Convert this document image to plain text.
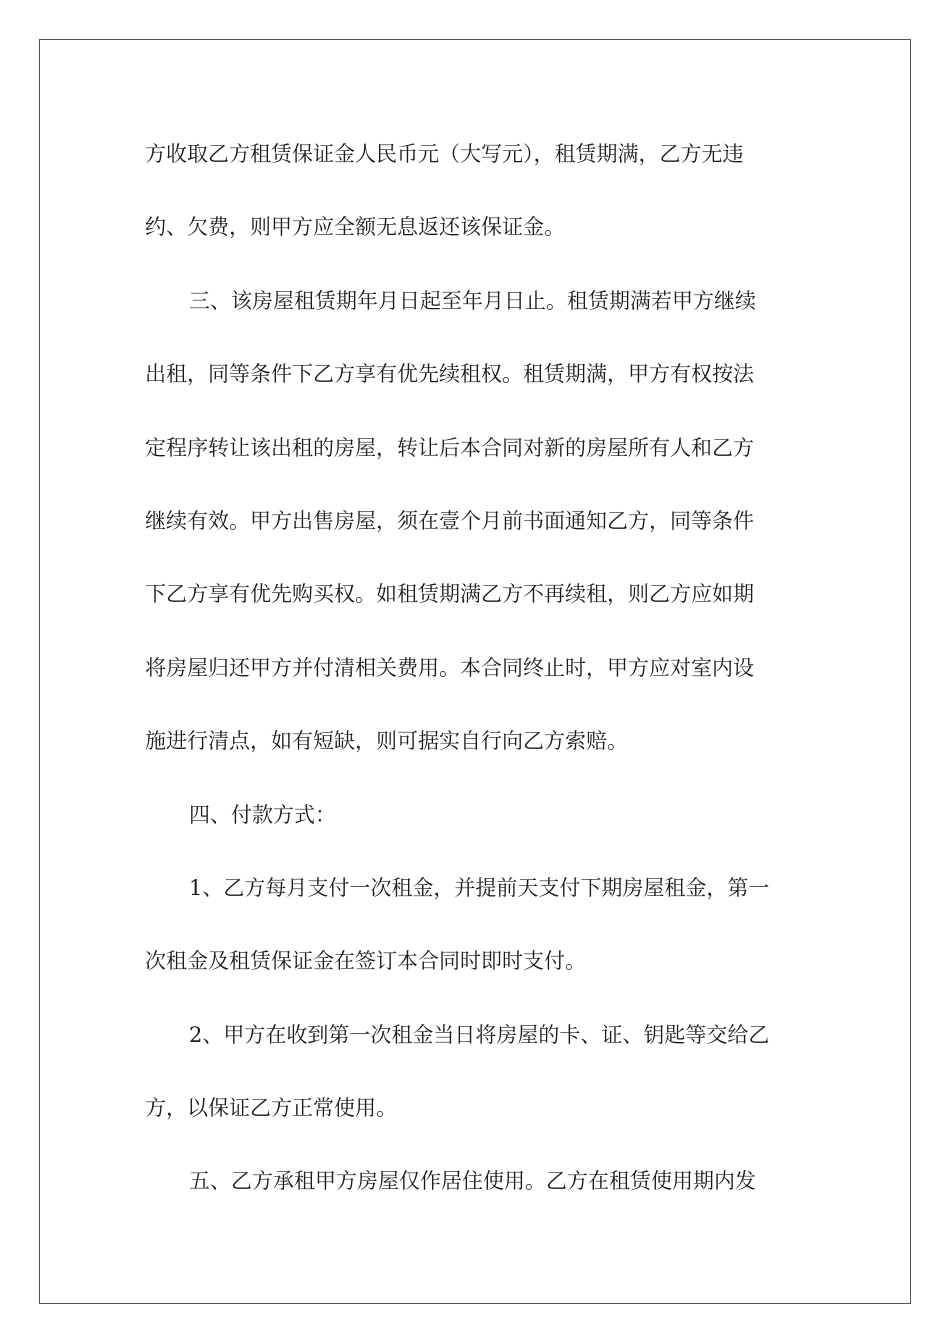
方收取乙方租赁保证金人民币元（大写元），租赁期满，乙方无违
约、欠费，则甲方应全额无息返还该保证金。
三、该房屋租赁期年月日起至年月日止。租赁期满若甲方继续
出租，同等条件下乙方享有优先续租权。租赁期满，甲方有权按法
定程序转让该出租的房屋，转让后本合同对新的房屋所有人和乙方
继续有效。甲方出售房屋，须在壹个月前书面通知乙方，同等条件
下乙方享有优先购买权。如租赁期满乙方不再续租，则乙方应如期
将房屋归还甲方并付清相关费用。本合同终止时，甲方应对室内设
施进行清点，如有短缺，则可据实自行向乙方索赔。
四、付款方式：
1、乙方每月支付一次租金，并提前天支付下期房屋租金，第一
次租金及租赁保证金在签订本合同时即时支付。
2、甲方在收到第一次租金当日将房屋的卡、证、钥匙等交给乙
方，以保证乙方正常使用。
五、乙方承租甲方房屋仅作居住使用。乙方在租赁使用期内发
